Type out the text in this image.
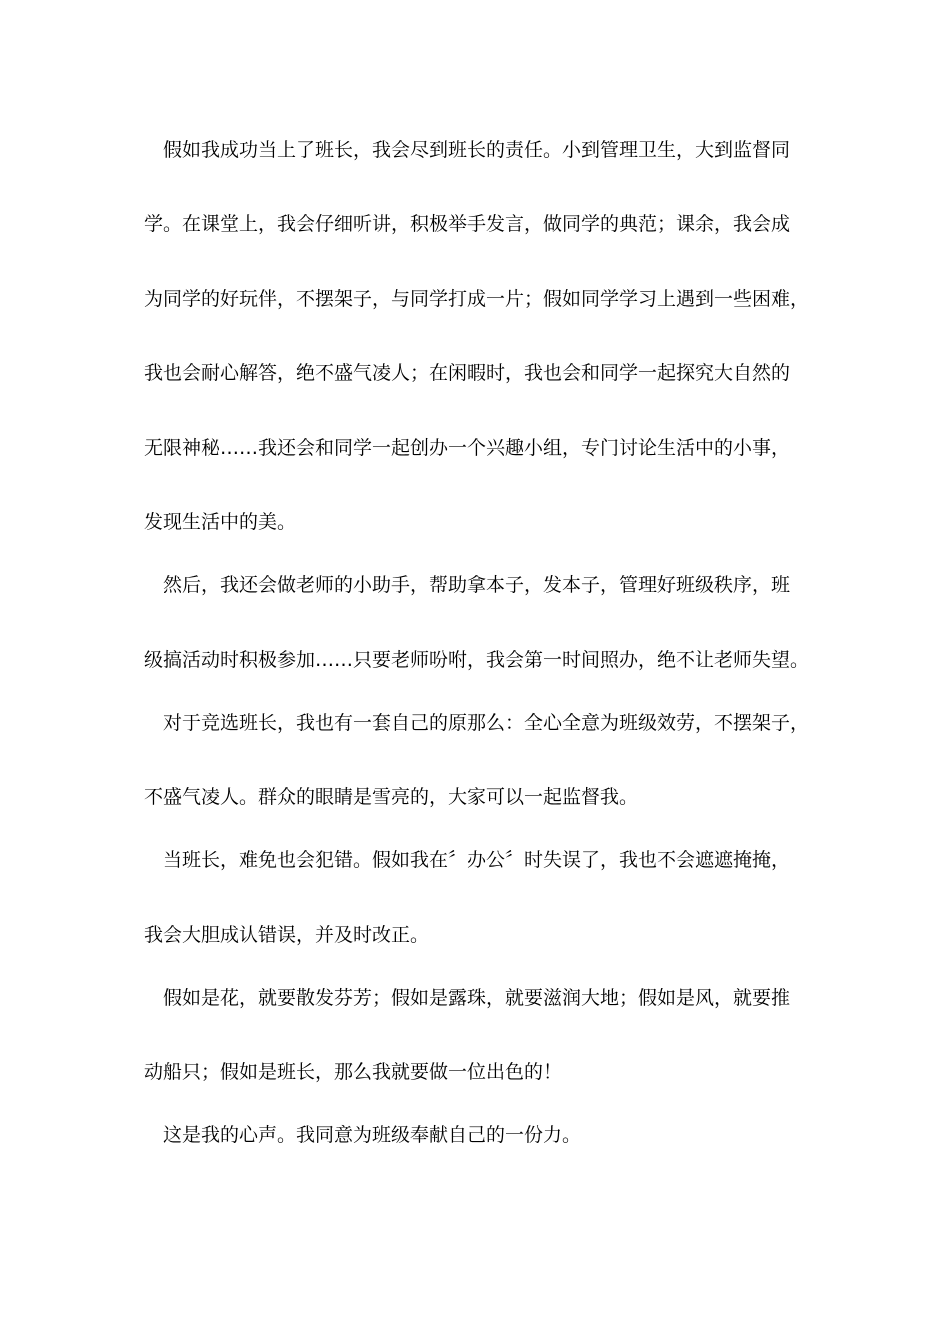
假如我成功当上了班长，我会尽到班长的责任。小到管理卫生，大到监督同
学。在课堂上，我会仔细听讲，积极举手发言，做同学的典范；课余，我会成
为同学的好玩伴，不摆架子，与同学打成一片；假如同学学习上遇到一些困难，
我也会耐心解答，绝不盛气凌人；在闲暇时，我也会和同学一起探究大自然的
无限神秘……我还会和同学一起创办一个兴趣小组，专门讨论生活中的小事，
发现生活中的美。
然后，我还会做老师的小助手，帮助拿本子，发本子，管理好班级秩序，班
级搞活动时积极参加……只要老师吩咐，我会第一时间照办，绝不让老师失望。
对于竞选班长，我也有一套自己的原那么：全心全意为班级效劳，不摆架子，
不盛气凌人。群众的眼睛是雪亮的，大家可以一起监督我。
当班长，难免也会犯错。假如我在〞办公〞时失误了，我也不会遮遮掩掩，
我会大胆成认错误，并及时改正。
假如是花，就要散发芬芳；假如是露珠，就要滋润大地；假如是风，就要推
动船只；假如是班长，那么我就要做一位出色的！
这是我的心声。我同意为班级奉献自己的一份力。
